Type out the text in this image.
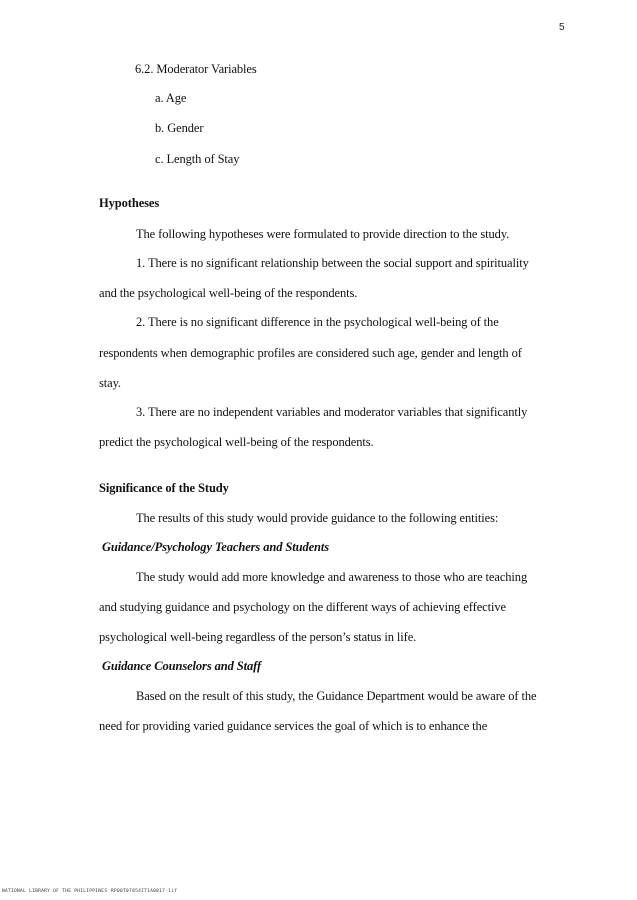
5
6.2. Moderator Variables
a. Age
b. Gender
c. Length of Stay
Hypotheses
The following hypotheses were formulated to provide direction to the study.
1. There is no significant relationship between the social support and spirituality
and the psychological well-being of the respondents.
2. There is no significant difference in the psychological well-being of the
respondents when demographic profiles are considered such age, gender and length of
stay.
3. There are no independent variables and moderator variables that significantly
predict the psychological well-being of the respondents.
Significance of the Study
The results of this study would provide guidance to the following entities:
Guidance/Psychology Teachers and Students
The study would add more knowledge and awareness to those who are teaching
and studying guidance and psychology on the different ways of achieving effective
psychological well-being regardless of the person’s status in life.
Guidance Counselors and Staff
Based on the result of this study, the Guidance Department would be aware of the
need for providing varied guidance services the goal of which is to enhance the
NATIONAL LIBRARY OF THE PHILIPPINES RP00T07854IT1A0817-1if
